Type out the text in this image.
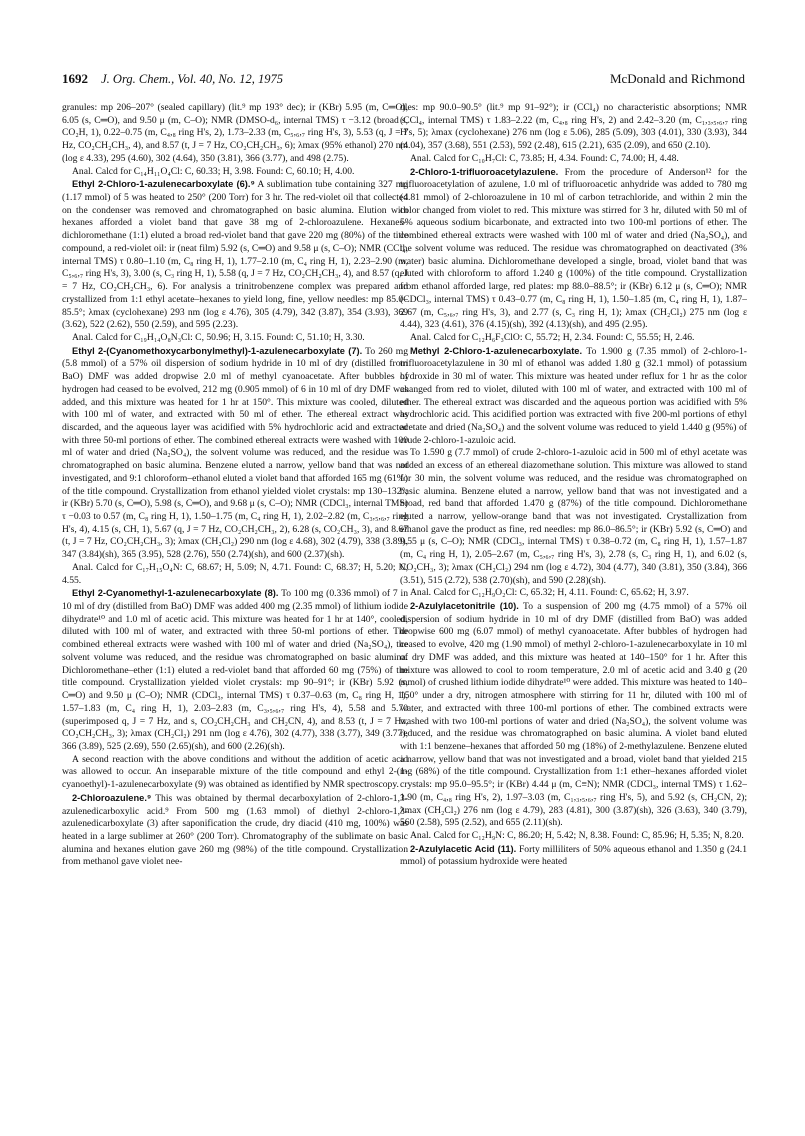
1692 J. Org. Chem., Vol. 40, No. 12, 1975	McDonald and Richmond

granules: mp 206–207° (sealed capillary) (lit.⁹ mp 193° dec); ir (KBr) 5.95 (m, C═O), 6.05 (s, C═O), and 9.50 μ (m, C–O); NMR (DMSO-d₆, internal TMS) τ −3.12 (broad s, CO₂H, 1), 0.22–0.75 (m, C₄,₈ ring H's, 2), 1.73–2.33 (m, C₅,₆,₇ ring H's, 3), 5.53 (q, J = 7 Hz, CO₂CH₂CH₃, 4), and 8.57 (t, J = 7 Hz, CO₂CH₂CH₃, 6); λmax (95% ethanol) 270 nm (log ε 4.33), 295 (4.60), 302 (4.64), 350 (3.81), 366 (3.77), and 498 (2.75).

Anal. Calcd for C₁₄H₁₁O₄Cl: C, 60.33; H, 3.98. Found: C, 60.10; H, 4.00.

Ethyl 2-Chloro-1-azulenecarboxylate (6).⁹ A sublimation tube containing 327 mg (1.17 mmol) of 5 was heated to 250° (200 Torr) for 3 hr. The red-violet oil that collected on the condenser was removed and chromatographed on basic alumina. Elution with hexanes afforded a violet band that gave 38 mg of 2-chloroazulene. Hexanes–dichloromethane (1:1) eluted a broad red-violet band that gave 220 mg (80%) of the title compound, a red-violet oil: ir (neat film) 5.92 (s, C═O) and 9.58 μ (s, C–O); NMR (CCl₄, internal TMS) τ 0.80–1.10 (m, C₈ ring H, 1), 1.77–2.10 (m, C₄ ring H, 1), 2.23–2.90 (m, C₅,₆,₇ ring H's, 3), 3.00 (s, C₃ ring H, 1), 5.58 (q, J = 7 Hz, CO₂CH₂CH₃, 4), and 8.57 (q, J = 7 Hz, CO₂CH₂CH₃, 6). For analysis a trinitrobenzene complex was prepared and crystallized from 1:1 ethyl acetate–hexanes to yield long, fine, yellow needles: mp 85.0–85.5°; λmax (cyclohexane) 293 nm (log ε 4.76), 305 (4.79), 342 (3.87), 354 (3.93), 369 (3.62), 522 (2.62), 550 (2.59), and 595 (2.23).

Anal. Calcd for C₁₉H₁₄O₈N₃Cl: C, 50.96; H, 3.15. Found: C, 51.10; H, 3.30.

Ethyl 2-(Cyanomethoxycarbonylmethyl)-1-azulenecarboxylate (7). To 260 mg (5.8 mmol) of a 57% oil dispersion of sodium hydride in 10 ml of dry (distilled from BaO) DMF was added dropwise 2.0 ml of methyl cyanoacetate. After bubbles of hydrogen had ceased to be evolved, 212 mg (0.905 mmol) of 6 in 10 ml of dry DMF was added, and this mixture was heated for 1 hr at 150°. This mixture was cooled, diluted with 100 ml of water, and extracted with 50 ml of ether. The ethereal extract was discarded, and the aqueous layer was acidified with 5% hydrochloric acid and extracted with three 50-ml portions of ether. The combined ethereal extracts were washed with 100 ml of water and dried (Na₂SO₄), the solvent volume was reduced, and the residue was chromatographed on basic alumina. Benzene eluted a narrow, yellow band that was not investigated, and 9:1 chloroform–ethanol eluted a violet band that afforded 165 mg (61%) of the title compound. Crystallization from ethanol yielded violet crystals: mp 130–132°; ir (KBr) 5.70 (s, C═O), 5.98 (s, C═O), and 9.68 μ (s, C–O); NMR (CDCl₃, internal TMS) τ −0.03 to 0.57 (m, C₈ ring H, 1), 1.50–1.75 (m, C₄ ring H, 1), 2.02–2.82 (m, C₃,₅,₆,₇ ring H's, 4), 4.15 (s, CH, 1), 5.67 (q, J = 7 Hz, CO₂CH₂CH₃, 2), 6.28 (s, CO₂CH₃, 3), and 8.67 (t, J = 7 Hz, CO₂CH₂CH₃, 3); λmax (CH₂Cl₂) 290 nm (log ε 4.68), 302 (4.79), 338 (3.89), 347 (3.84)(sh), 365 (3.95), 528 (2.76), 550 (2.74)(sh), and 600 (2.37)(sh).

Anal. Calcd for C₁₇H₁₅O₄N: C, 68.67; H, 5.09; N, 4.71. Found: C, 68.37; H, 5.20; N, 4.55.

Ethyl 2-Cyanomethyl-1-azulenecarboxylate (8). To 100 mg (0.336 mmol) of 7 in 10 ml of dry (distilled from BaO) DMF was added 400 mg (2.35 mmol) of lithium iodide dihydrate¹⁰ and 1.0 ml of acetic acid. This mixture was heated for 1 hr at 140°, cooled, diluted with 100 ml of water, and extracted with three 50-ml portions of ether. The combined ethereal extracts were washed with 100 ml of water and dried (Na₂SO₄), the solvent volume was reduced, and the residue was chromatographed on basic alumina. Dichloromethane–ether (1:1) eluted a red-violet band that afforded 60 mg (75%) of the title compound. Crystallization yielded violet crystals: mp 90–91°; ir (KBr) 5.92 (s, C═O) and 9.50 μ (C–O); NMR (CDCl₃, internal TMS) τ 0.37–0.63 (m, C₈ ring H, 1), 1.57–1.83 (m, C₄ ring H, 1), 2.03–2.83 (m, C₃,₅,₆,₇ ring H's, 4), 5.58 and 5.70 (superimposed q, J = 7 Hz, and s, CO₂CH₂CH₃ and CH₂CN, 4), and 8.53 (t, J = 7 Hz, CO₂CH₂CH₃, 3); λmax (CH₂Cl₂) 291 nm (log ε 4.76), 302 (4.77), 338 (3.77), 349 (3.77), 366 (3.89), 525 (2.69), 550 (2.65)(sh), and 600 (2.26)(sh).

A second reaction with the above conditions and without the addition of acetic acid was allowed to occur. An inseparable mixture of the title compound and ethyl 2-(1-cyanoethyl)-1-azulenecarboxylate (9) was obtained as identified by NMR spectroscopy.

2-Chloroazulene.⁹ This was obtained by thermal decarboxylation of 2-chloro-1,3-azulenedicarboxylic acid.⁹ From 500 mg (1.63 mmol) of diethyl 2-chloro-1,3-azulenedicarboxylate (3) after saponification the crude, dry diacid (410 mg, 100%) was heated in a large sublimer at 260° (200 Torr). Chromatography of the sublimate on basic alumina and hexanes elution gave 260 mg (98%) of the title compound. Crystallization from methanol gave violet nee-

dles: mp 90.0–90.5° (lit.⁹ mp 91–92°); ir (CCl₄) no characteristic absorptions; NMR (CCl₄, internal TMS) τ 1.83–2.22 (m, C₄,₈ ring H's, 2) and 2.42–3.20 (m, C₁,₃,₅,₆,₇ ring H's, 5); λmax (cyclohexane) 276 nm (log ε 5.06), 285 (5.09), 303 (4.01), 330 (3.93), 344 (4.04), 357 (3.68), 551 (2.53), 592 (2.48), 615 (2.21), 635 (2.09), and 650 (2.10).

Anal. Calcd for C₁₀H₇Cl: C, 73.85; H, 4.34. Found: C, 74.00; H, 4.48.

2-Chloro-1-trifluoroacetylazulene. From the procedure of Anderson¹² for the trifluoroacetylation of azulene, 1.0 ml of trifluoroacetic anhydride was added to 780 mg (4.81 mmol) of 2-chloroazulene in 10 ml of carbon tetrachloride, and within 2 min the color changed from violet to red. This mixture was stirred for 3 hr, diluted with 50 ml of 5% aqueous sodium bicarbonate, and extracted into two 100-ml portions of ether. The combined ethereal extracts were washed with 100 ml of water and dried (Na₂SO₄), and the solvent volume was reduced. The residue was chromatographed on deactivated (3% water) basic alumina. Dichloromethane developed a single, broad, violet band that was eluted with chloroform to afford 1.240 g (100%) of the title compound. Crystallization from ethanol afforded large, red plates: mp 88.0–88.5°; ir (KBr) 6.12 μ (s, C═O); NMR (CDCl₃, internal TMS) τ 0.43–0.77 (m, C₈ ring H, 1), 1.50–1.85 (m, C₄ ring H, 1), 1.87–2.67 (m, C₅,₆,₇ ring H's, 3), and 2.77 (s, C₃ ring H, 1); λmax (CH₂Cl₂) 275 nm (log ε 4.44), 323 (4.61), 376 (4.15)(sh), 392 (4.13)(sh), and 495 (2.95).

Anal. Calcd for C₁₂H₆F₃ClO: C, 55.72; H, 2.34. Found: C, 55.55; H, 2.46.

Methyl 2-Chloro-1-azulenecarboxylate. To 1.900 g (7.35 mmol) of 2-chloro-1-trifluoroacetylazulene in 30 ml of ethanol was added 1.80 g (32.1 mmol) of potassium hydroxide in 30 ml of water. This mixture was heated under reflux for 1 hr as the color changed from red to violet, diluted with 100 ml of water, and extracted with 100 ml of ether. The ethereal extract was discarded and the aqueous portion was acidified with 5% hydrochloric acid. This acidified portion was extracted with five 200-ml portions of ethyl acetate and dried (Na₂SO₄) and the solvent volume was reduced to yield 1.440 g (95%) of crude 2-chloro-1-azuloic acid.

To 1.590 g (7.7 mmol) of crude 2-chloro-1-azuloic acid in 500 ml of ethyl acetate was added an excess of an ethereal diazomethane solution. This mixture was allowed to stand for 30 min, the solvent volume was reduced, and the residue was chromatographed on basic alumina. Benzene eluted a narrow, yellow band that was not investigated and a broad, red band that afforded 1.470 g (87%) of the title compound. Dichloromethane eluted a narrow, yellow-orange band that was not investigated. Crystallization from ethanol gave the product as fine, red needles: mp 86.0–86.5°; ir (KBr) 5.92 (s, C═O) and 9.55 μ (s, C–O); NMR (CDCl₃, internal TMS) τ 0.38–0.72 (m, C₈ ring H, 1), 1.57–1.87 (m, C₄ ring H, 1), 2.05–2.67 (m, C₅,₆,₇ ring H's, 3), 2.78 (s, C₃ ring H, 1), and 6.02 (s, CO₂CH₃, 3); λmax (CH₂Cl₂) 294 nm (log ε 4.72), 304 (4.77), 340 (3.81), 350 (3.84), 366 (3.51), 515 (2.72), 538 (2.70)(sh), and 590 (2.28)(sh).

Anal. Calcd for C₁₂H₉O₂Cl: C, 65.32; H, 4.11. Found: C, 65.62; H, 3.97.

2-Azulylacetonitrile (10). To a suspension of 200 mg (4.75 mmol) of a 57% oil dispersion of sodium hydride in 10 ml of dry DMF (distilled from BaO) was added dropwise 600 mg (6.07 mmol) of methyl cyanoacetate. After bubbles of hydrogen had ceased to evolve, 420 mg (1.90 mmol) of methyl 2-chloro-1-azulenecarboxylate in 10 ml of dry DMF was added, and this mixture was heated at 140–150° for 1 hr. After this mixture was allowed to cool to room temperature, 2.0 ml of acetic acid and 3.40 g (20 mmol) of crushed lithium iodide dihydrate¹⁰ were added. This mixture was heated to 140–150° under a dry, nitrogen atmosphere with stirring for 11 hr, diluted with 100 ml of water, and extracted with three 100-ml portions of ether. The combined extracts were washed with two 100-ml portions of water and dried (Na₂SO₄), the solvent volume was reduced, and the residue was chromatographed on basic alumina. A violet band eluted with 1:1 benzene–hexanes that afforded 50 mg (18%) of 2-methylazulene. Benzene eluted a narrow, yellow band that was not investigated and a broad, violet band that yielded 215 mg (68%) of the title compound. Crystallization from 1:1 ether–hexanes afforded violet crystals: mp 95.0–95.5°; ir (KBr) 4.44 μ (m, C≡N); NMR (CDCl₃, internal TMS) τ 1.62–1.90 (m, C₄,₈ ring H's, 2), 1.97–3.03 (m, C₁,₃,₅,₆,₇ ring H's, 5), and 5.92 (s, CH₂CN, 2); λmax (CH₂Cl₂) 276 nm (log ε 4.79), 283 (4.81), 300 (3.87)(sh), 326 (3.63), 340 (3.79), 560 (2.58), 595 (2.52), and 655 (2.11)(sh).

Anal. Calcd for C₁₂H₉N: C, 86.20; H, 5.42; N, 8.38. Found: C, 85.96; H, 5.35; N, 8.20.

2-Azulylacetic Acid (11). Forty milliliters of 50% aqueous ethanol and 1.350 g (24.1 mmol) of potassium hydroxide were heated
